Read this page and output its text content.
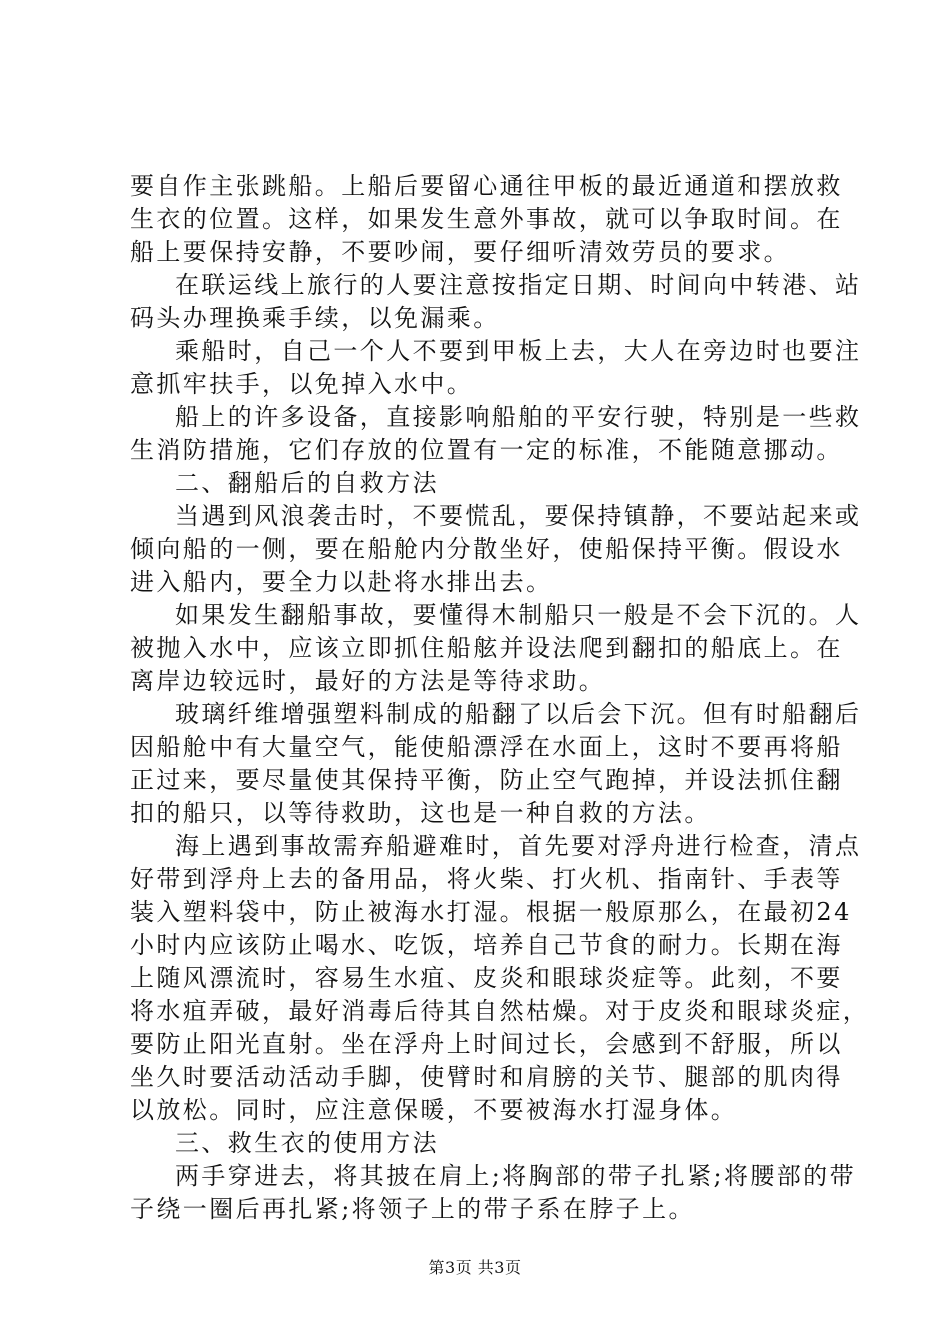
要自作主张跳船。上船后要留心通往甲板的最近通道和摆放救
生衣的位置。这样，如果发生意外事故，就可以争取时间。在
船上要保持安静，不要吵闹，要仔细听清效劳员的要求。
在联运线上旅行的人要注意按指定日期、时间向中转港、站
码头办理换乘手续，以免漏乘。
乘船时，自己一个人不要到甲板上去，大人在旁边时也要注
意抓牢扶手，以免掉入水中。
船上的许多设备，直接影响船舶的平安行驶，特别是一些救
生消防措施，它们存放的位置有一定的标准，不能随意挪动。
二、翻船后的自救方法
当遇到风浪袭击时，不要慌乱，要保持镇静，不要站起来或
倾向船的一侧，要在船舱内分散坐好，使船保持平衡。假设水
进入船内，要全力以赴将水排出去。
如果发生翻船事故，要懂得木制船只一般是不会下沉的。人
被抛入水中，应该立即抓住船舷并设法爬到翻扣的船底上。在
离岸边较远时，最好的方法是等待求助。
玻璃纤维增强塑料制成的船翻了以后会下沉。但有时船翻后
因船舱中有大量空气，能使船漂浮在水面上，这时不要再将船
正过来，要尽量使其保持平衡，防止空气跑掉，并设法抓住翻
扣的船只，以等待救助，这也是一种自救的方法。
海上遇到事故需弃船避难时，首先要对浮舟进行检查，清点
好带到浮舟上去的备用品，将火柴、打火机、指南针、手表等
装入塑料袋中，防止被海水打湿。根据一般原那么，在最初24
小时内应该防止喝水、吃饭，培养自己节食的耐力。长期在海
上随风漂流时，容易生水疽、皮炎和眼球炎症等。此刻，不要
将水疽弄破，最好消毒后待其自然枯燥。对于皮炎和眼球炎症，
要防止阳光直射。坐在浮舟上时间过长，会感到不舒服，所以
坐久时要活动活动手脚，使臂时和肩膀的关节、腿部的肌肉得
以放松。同时，应注意保暖，不要被海水打湿身体。
三、救生衣的使用方法
两手穿进去，将其披在肩上;将胸部的带子扎紧;将腰部的带
子绕一圈后再扎紧;将领子上的带子系在脖子上。
第3页 共3页
